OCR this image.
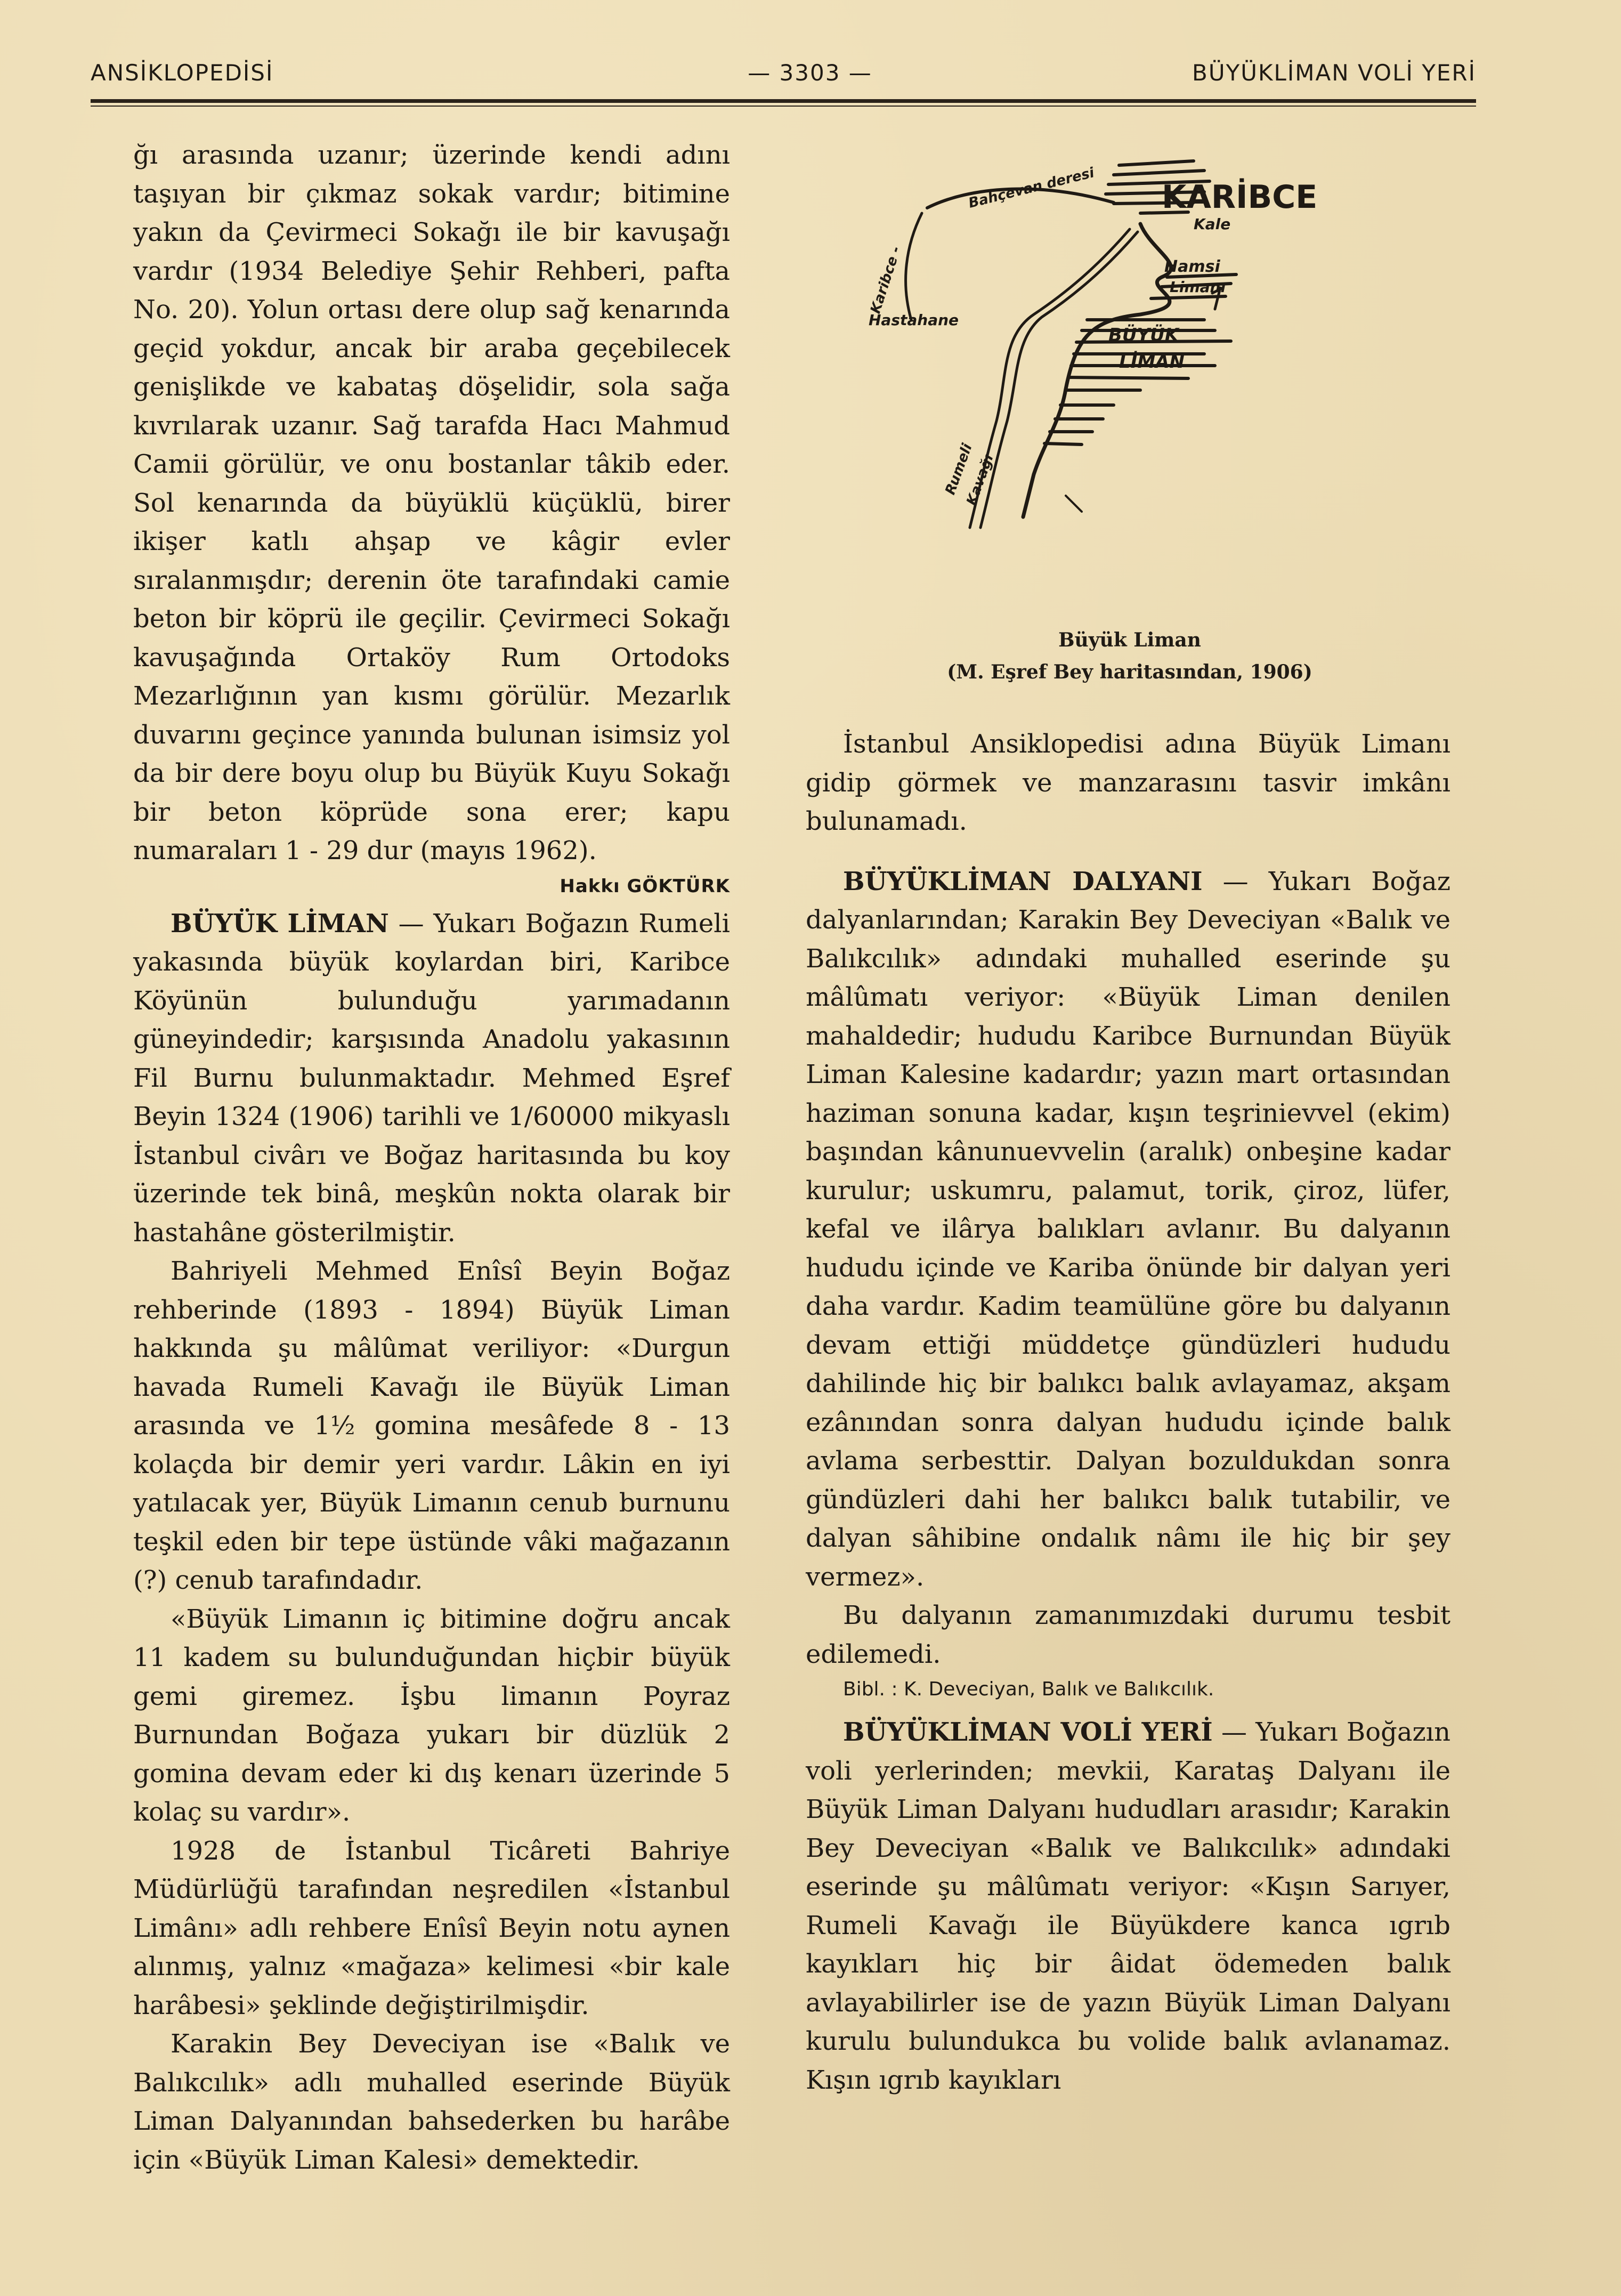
ANSİKLOPEDİSİ	— 3303 —	BÜYÜKLİMAN VOLİ YERİ

ğı arasında uzanır; üzerinde kendi adını taşıyan bir çıkmaz sokak vardır; bitimine yakın da Çevirmeci Sokağı ile bir kavuşağı vardır (1934 Belediye Şehir Rehberi, pafta No. 20). Yolun ortası dere olup sağ kenarında geçid yokdur, ancak bir araba geçebilecek genişlikde ve kabataş döşelidir, sola sağa kıvrılarak uzanır. Sağ tarafda Hacı Mahmud Camii görülür, ve onu bostanlar tâkib eder. Sol kenarında da büyüklü küçüklü, birer ikişer katlı ahşap ve kâgir evler sıralanmışdır; derenin öte tarafındaki camie beton bir köprü ile geçilir. Çevirmeci Sokağı kavuşağında Ortaköy Rum Ortodoks Mezarlığının yan kısmı görülür. Mezarlık duvarını geçince yanında bulunan isimsiz yol da bir dere boyu olup bu Büyük Kuyu Sokağı bir beton köprüde sona erer; kapu numaraları 1 - 29 dur (mayıs 1962).

Hakkı GÖKTÜRK

BÜYÜK LİMAN — Yukarı Boğazın Rumeli yakasında büyük koylardan biri, Karibce Köyünün bulunduğu yarımadanın güneyindedir; karşısında Anadolu yakasının Fil Burnu bulunmaktadır. Mehmed Eşref Beyin 1324 (1906) tarihli ve 1/60000 mikyaslı İstanbul civârı ve Boğaz haritasında bu koy üzerinde tek binâ, meşkûn nokta olarak bir hastahâne gösterilmiştir.

Bahriyeli Mehmed Enîsî Beyin Boğaz rehberinde (1893 - 1894) Büyük Liman hakkında şu mâlûmat veriliyor: «Durgun havada Rumeli Kavağı ile Büyük Liman arasında ve 1½ gomina mesâfede 8 - 13 kolaçda bir demir yeri vardır. Lâkin en iyi yatılacak yer, Büyük Limanın cenub burnunu teşkil eden bir tepe üstünde vâki mağazanın (?) cenub tarafındadır.

«Büyük Limanın iç bitimine doğru ancak 11 kadem su bulunduğundan hiçbir büyük gemi giremez. İşbu limanın Poyraz Burnundan Boğaza yukarı bir düzlük 2 gomina devam eder ki dış kenarı üzerinde 5 kolaç su vardır».

1928 de İstanbul Ticâreti Bahriye Müdürlüğü tarafından neşredilen «İstanbul Limânı» adlı rehbere Enîsî Beyin notu aynen alınmış, yalnız «mağaza» kelimesi «bir kale harâbesi» şeklinde değiştirilmişdir.

Karakin Bey Deveciyan ise «Balık ve Balıkcılık» adlı muhalled eserinde Büyük Liman Dalyanından bahsederken bu harâbe için «Büyük Liman Kalesi» demektedir.

KARİBCE
Kale
Bahçevan deresi
Karibce -	Hamsi
Limanı
Hastahane
BÜYÜK
LİMAN
Rumeli
Kavağı
Büyük Liman
(M. Eşref Bey haritasından, 1906)

İstanbul Ansiklopedisi adına Büyük Limanı gidip görmek ve manzarasını tasvir imkânı bulunamadı.

BÜYÜKLİMAN DALYANI — Yukarı Boğaz dalyanlarından; Karakin Bey Deveciyan «Balık ve Balıkcılık» adındaki muhalled eserinde şu mâlûmatı veriyor: «Büyük Liman denilen mahaldedir; hududu Karibce Burnundan Büyük Liman Kalesine kadardır; yazın mart ortasından haziman sonuna kadar, kışın teşrinievvel (ekim) başından kânunuevvelin (aralık) onbeşine kadar kurulur; uskumru, palamut, torik, çiroz, lüfer, kefal ve ilârya balıkları avlanır. Bu dalyanın hududu içinde ve Kariba önünde bir dalyan yeri daha vardır. Kadim teamülüne göre bu dalyanın devam ettiği müddetçe gündüzleri hududu dahilinde hiç bir balıkcı balık avlayamaz, akşam ezânından sonra dalyan hududu içinde balık avlama serbesttir. Dalyan bozuldukdan sonra gündüzleri dahi her balıkcı balık tutabilir, ve dalyan sâhibine ondalık nâmı ile hiç bir şey vermez».

Bu dalyanın zamanımızdaki durumu tesbit edilemedi.

Bibl. : K. Deveciyan, Balık ve Balıkcılık.

BÜYÜKLİMAN VOLİ YERİ — Yukarı Boğazın voli yerlerinden; mevkii, Karataş Dalyanı ile Büyük Liman Dalyanı hududları arasıdır; Karakin Bey Deveciyan «Balık ve Balıkcılık» adındaki eserinde şu mâlûmatı veriyor: «Kışın Sarıyer, Rumeli Kavağı ile Büyükdere kanca ıgrıb kayıkları hiç bir âidat ödemeden balık avlayabilirler ise de yazın Büyük Liman Dalyanı kurulu bulundukca bu volide balık avlanamaz. Kışın ıgrıb kayıkları
